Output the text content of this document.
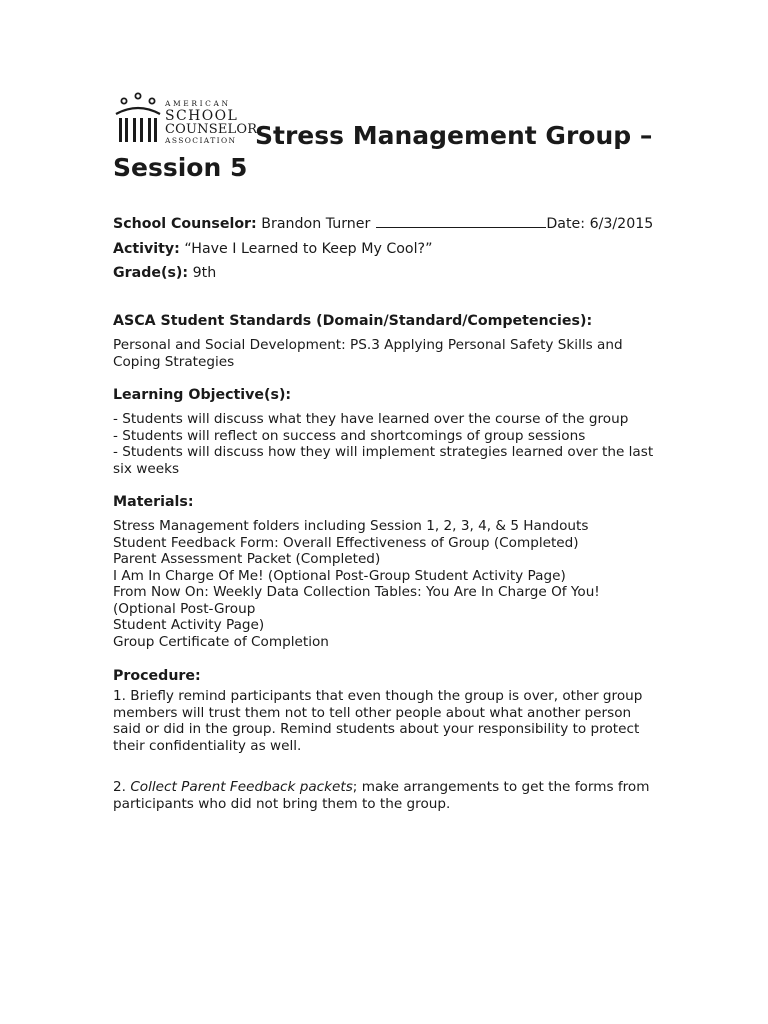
AMERICAN
SCHOOL
COUNSELOR
ASSOCIATION Stress Management Group –
Session 5
School Counselor: Brandon Turner	Date: 6/3/2015
Activity: “Have I Learned to Keep My Cool?”
Grade(s): 9th
ASCA Student Standards (Domain/Standard/Competencies):

Personal and Social Development: PS.3 Applying Personal Safety Skills and Coping Strategies

Learning Objective(s):

- Students will discuss what they have learned over the course of the group

- Students will reflect on success and shortcomings of group sessions

- Students will discuss how they will implement strategies learned over the last six weeks

Materials:

Stress Management folders including Session 1, 2, 3, 4, & 5 Handouts

Student Feedback Form: Overall Effectiveness of Group (Completed)

Parent Assessment Packet (Completed)

I Am In Charge Of Me! (Optional Post-Group Student Activity Page)

From Now On: Weekly Data Collection Tables: You Are In Charge Of You!

(Optional Post-Group

Student Activity Page)

Group Certificate of Completion

Procedure:

1. Briefly remind participants that even though the group is over, other group members will trust them not to tell other people about what another person said or did in the group. Remind students about your responsibility to protect their confidentiality as well.

2. Collect Parent Feedback packets; make arrangements to get the forms from participants who did not bring them to the group.
